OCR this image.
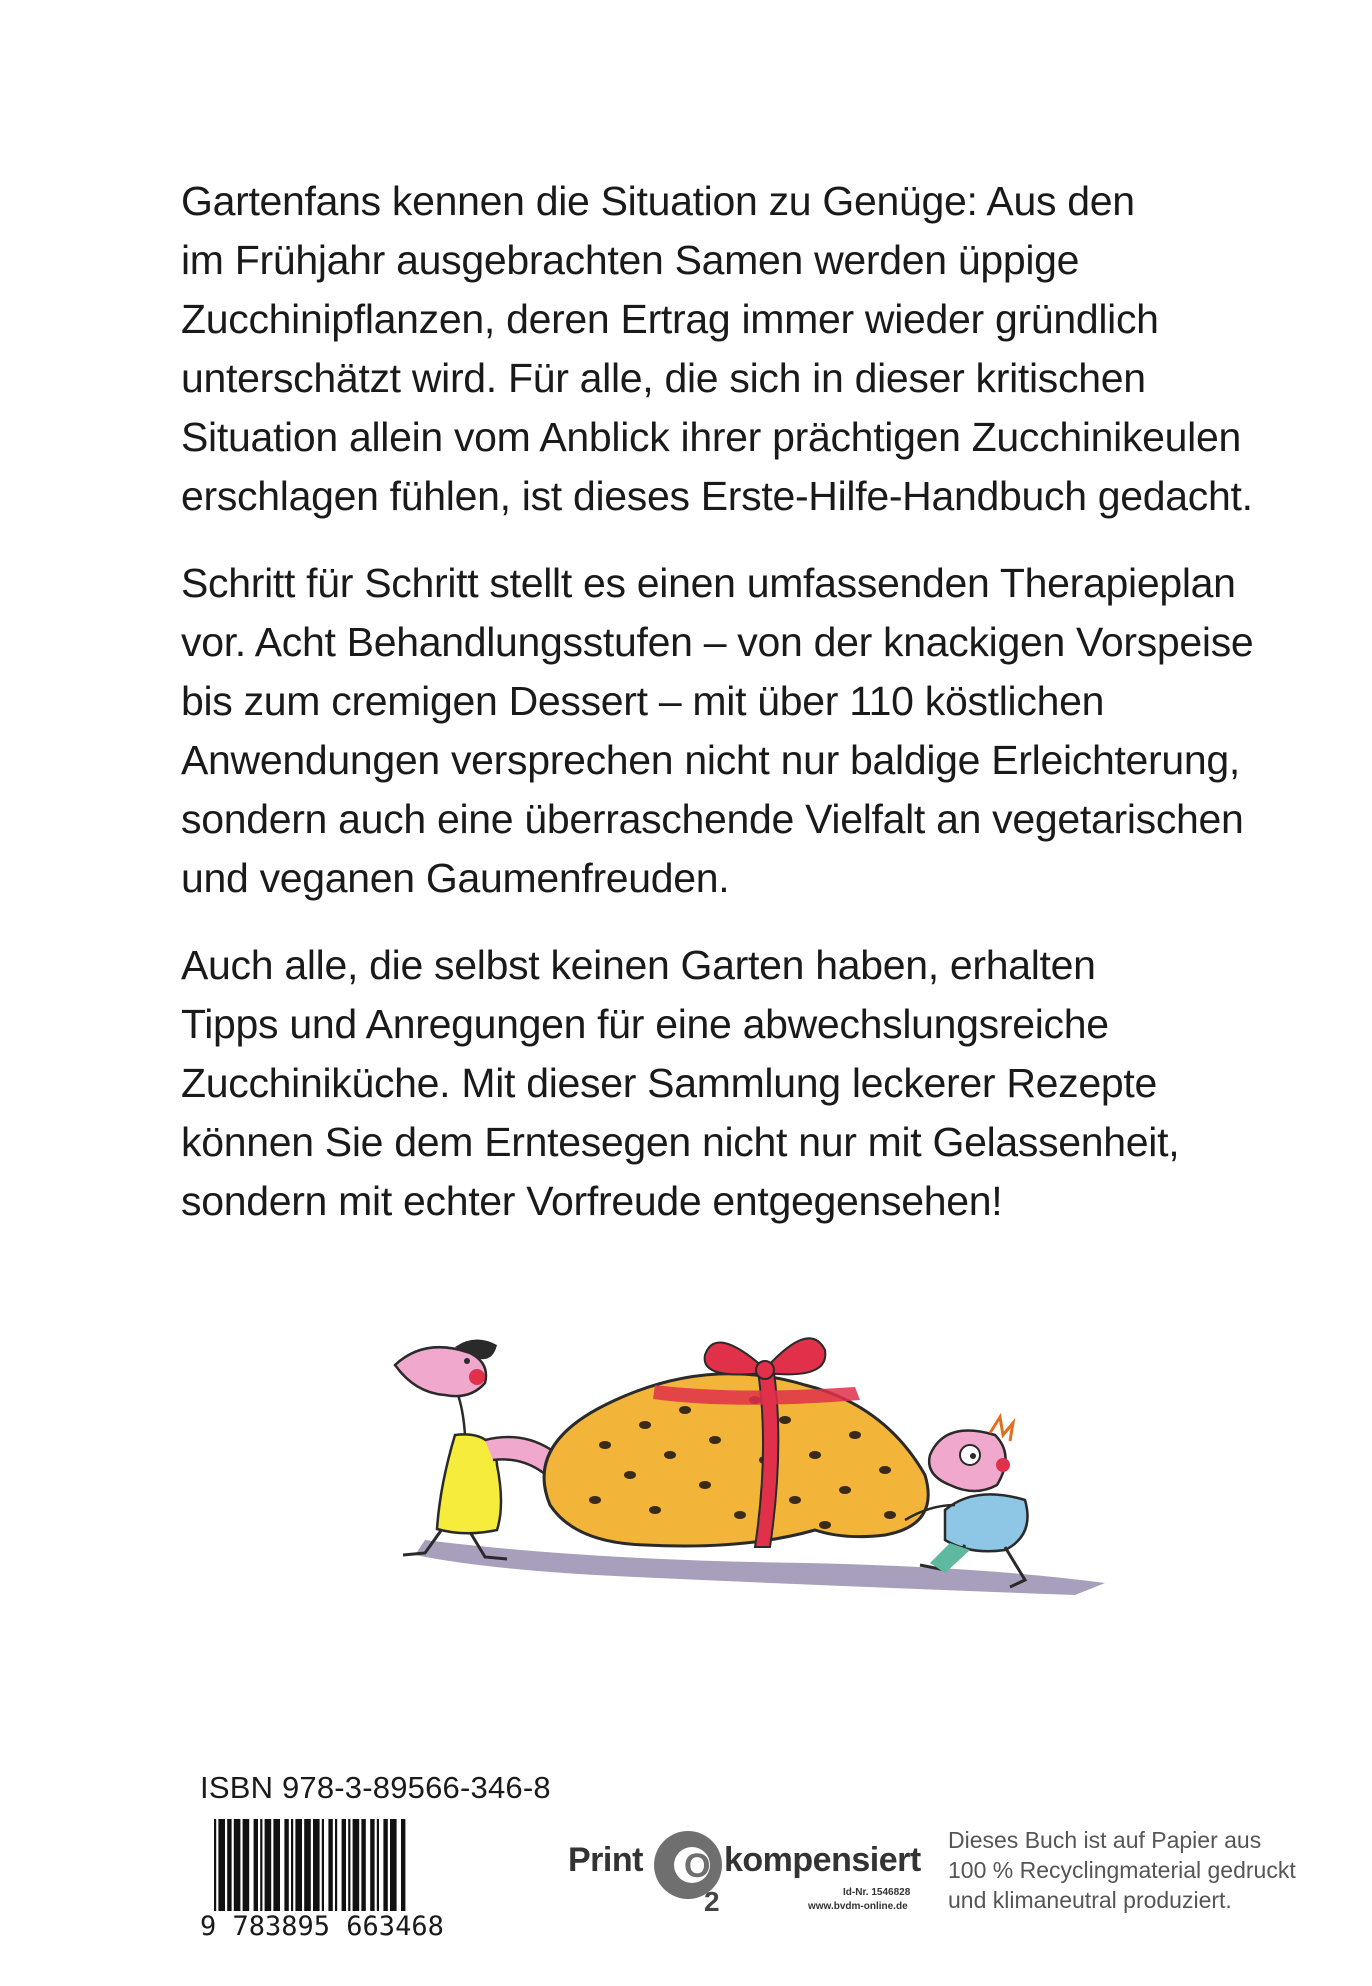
Gartenfans kennen die Situation zu Genüge: Aus den
im Frühjahr ausgebrachten Samen werden üppige
Zucchinipflanzen, deren Ertrag immer wieder gründlich
unterschätzt wird. Für alle, die sich in dieser kritischen
Situation allein vom Anblick ihrer prächtigen Zucchinikeulen
erschlagen fühlen, ist dieses Erste-Hilfe-Handbuch gedacht.

Schritt für Schritt stellt es einen umfassenden Therapieplan
vor. Acht Behandlungsstufen – von der knackigen Vorspeise
bis zum cremigen Dessert – mit über 110 köstlichen
Anwendungen versprechen nicht nur baldige Erleichterung,
sondern auch eine überraschende Vielfalt an vegetarischen
und veganen Gaumenfreuden.

Auch alle, die selbst keinen Garten haben, erhalten
Tipps und Anregungen für eine abwechslungsreiche
Zucchiniküche. Mit dieser Sammlung leckerer Rezepte
können Sie dem Erntesegen nicht nur mit Gelassenheit,
sondern mit echter Vorfreude entgegensehen!

ISBN 978-3-89566-346-8
9 783895 663468
Print O
2
kompensiert
Id-Nr. 1546828
www.bvdm-online.de
Dieses Buch ist auf Papier aus
100 % Recyclingmaterial gedruckt
und klimaneutral produziert.
